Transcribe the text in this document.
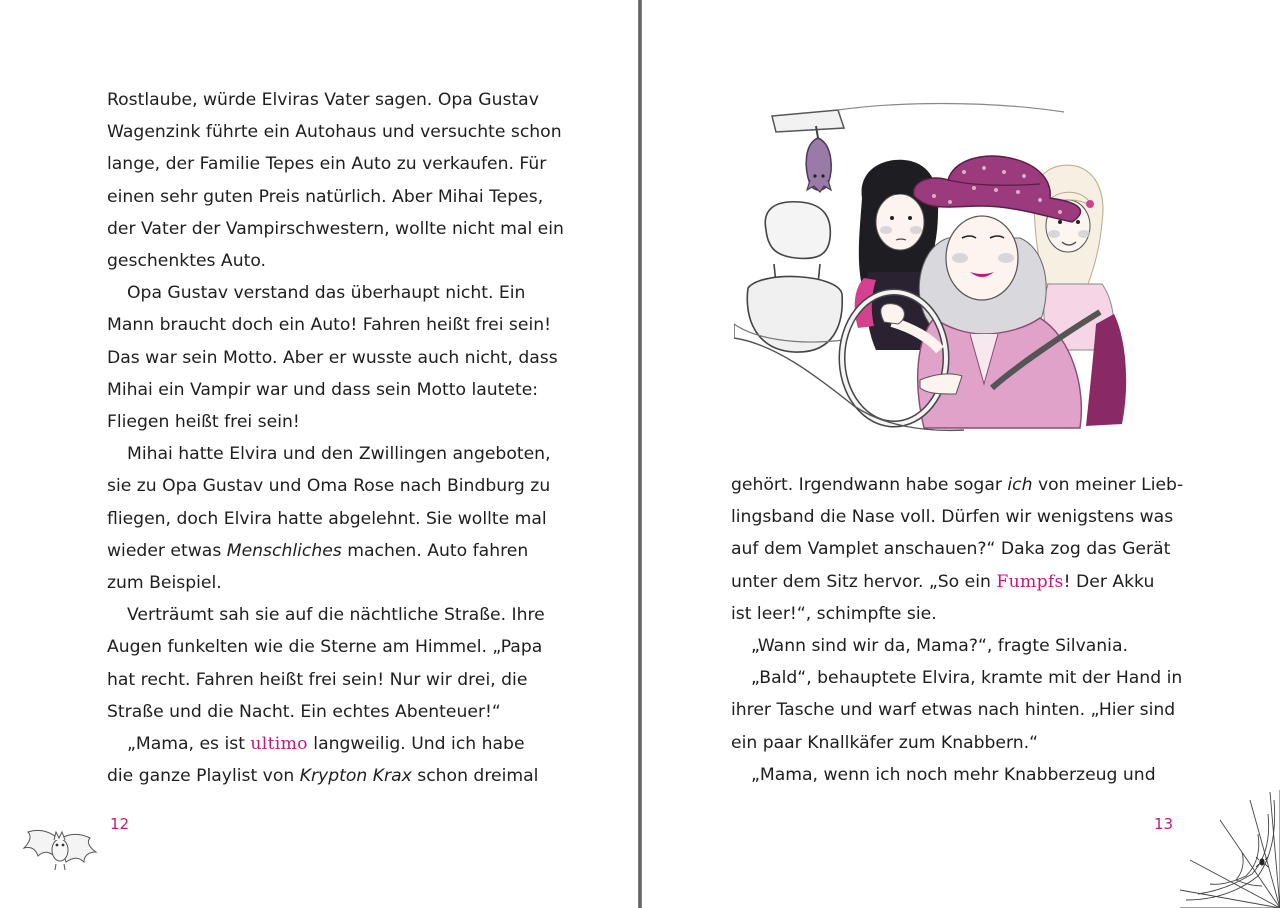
Rostlaube, würde Elviras Vater sagen. Opa Gustav
Wagenzink führte ein Autohaus und versuchte schon
lange, der Familie Tepes ein Auto zu verkaufen. Für
einen sehr guten Preis natürlich. Aber Mihai Tepes,
der Vater der Vampirschwestern, wollte nicht mal ein
geschenktes Auto.
Opa Gustav verstand das überhaupt nicht. Ein
Mann braucht doch ein Auto! Fahren heißt frei sein!
Das war sein Motto. Aber er wusste auch nicht, dass
Mihai ein Vampir war und dass sein Motto lautete:
Fliegen heißt frei sein!
Mihai hatte Elvira und den Zwillingen angeboten,
sie zu Opa Gustav und Oma Rose nach Bindburg zu
fliegen, doch Elvira hatte abgelehnt. Sie wollte mal
wieder etwas Menschliches machen. Auto fahren
zum Beispiel.
Verträumt sah sie auf die nächtliche Straße. Ihre
Augen funkelten wie die Sterne am Himmel. „Papa
hat recht. Fahren heißt frei sein! Nur wir drei, die
Straße und die Nacht. Ein echtes Abenteuer!“
„Mama, es ist ultimo langweilig. Und ich habe
die ganze Playlist von Krypton Krax schon dreimal
12
gehört. Irgendwann habe sogar ich von meiner Lieb-
lingsband die Nase voll. Dürfen wir wenigstens was
auf dem Vamplet anschauen?“ Daka zog das Gerät
unter dem Sitz hervor. „So ein Fumpfs! Der Akku
ist leer!“, schimpfte sie.
„Wann sind wir da, Mama?“, fragte Silvania.
„Bald“, behauptete Elvira, kramte mit der Hand in
ihrer Tasche und warf etwas nach hinten. „Hier sind
ein paar Knallkäfer zum Knabbern.“
„Mama, wenn ich noch mehr Knabberzeug und
13
